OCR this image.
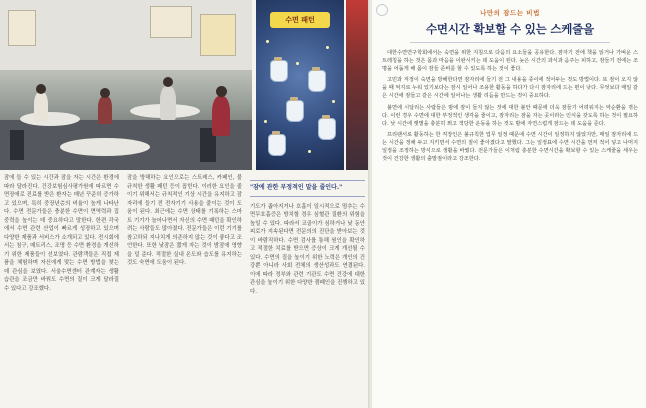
수면 패턴

잠에 들 수 있는 시간과 잠을 자는 시간은 환경에 따라 달라진다. 건강보험심사평가원에 따르면 수면장애로 진료를 받은 환자는 매년 꾸준히 증가하고 있으며, 특히 중장년층의 비율이 높게 나타난다. 수면 전문가들은 충분한 수면이 면역력과 집중력을 높이는 데 중요하다고 말한다. 한편 각국에서 수면 관련 산업이 빠르게 성장하고 있으며 다양한 제품과 서비스가 소개되고 있다. 전시회에서는 침구, 매트리스, 조명 등 수면 환경을 개선하기 위한 제품들이 선보였다. 관람객들은 직접 제품을 체험하며 자신에게 맞는 수면 방법을 찾는 데 관심을 보였다. 서울수면센터 관계자는 생활 습관을 조금만 바꿔도 수면의 질이 크게 달라질 수 있다고 강조했다.

잠을 방해하는 요인으로는 스트레스, 카페인, 불규칙한 생활 패턴 등이 꼽힌다. 이러한 요인을 줄이기 위해서는 규칙적인 기상 시간을 유지하고 잠자리에 들기 전 전자기기 사용을 줄이는 것이 도움이 된다. 최근에는 수면 상태를 기록하는 스마트 기기가 늘어나면서 자신의 수면 패턴을 확인하려는 사람들도 많아졌다. 전문가들은 이런 기기를 참고하되 지나치게 의존하지 않는 것이 좋다고 조언한다. 또한 낮잠은 짧게 자는 것이 밤잠에 영향을 덜 준다. 적절한 실내 온도와 습도를 유지하는 것도 숙면에 도움이 된다.

"잠에 관한 부정적인 말을 줄인다."

기도가 좁아지거나 호흡이 일시적으로 멈추는 수면무호흡증은 방치할 경우 심혈관 질환의 위험을 높일 수 있다. 따라서 코골이가 심하거나 낮 동안 피로가 지속된다면 전문의의 진단을 받아보는 것이 바람직하다. 수면 검사를 통해 원인을 확인하고 적절한 치료를 받으면 증상이 크게 개선될 수 있다. 수면의 질을 높이기 위한 노력은 개인의 건강뿐 아니라 사회 전체의 생산성과도 연결된다. 이에 따라 정부와 관련 기관도 수면 건강에 대한 관심을 높이기 위한 다양한 캠페인을 진행하고 있다.

나만의 잠드는 비법
수면시간 확보할 수 있는 스케줄을

대한수면연구학회에서는 숙면을 위한 지침으로 다음의 요소들을 공유한다. 잠자기 전에 책을 읽거나 가벼운 스트레칭을 하는 것은 몸과 마음을 이완시키는 데 도움이 된다. 늦은 시간의 과식과 음주는 피하고, 잠들기 전에는 조명을 어둡게 해 몸이 잠들 준비를 할 수 있도록 하는 것이 좋다.

고민과 걱정이 숙면을 방해한다면 잠자리에 들기 전 그 내용을 종이에 적어두는 것도 방법이다. 또 잠이 오지 않을 때 억지로 누워 있기보다는 잠시 일어나 조용한 활동을 하다가 다시 잠자리에 드는 편이 낫다. 무엇보다 매일 같은 시간에 잠들고 같은 시간에 일어나는 생활 리듬을 만드는 것이 중요하다.

불면에 시달리는 사람들은 밤에 잠이 들지 않는 것에 대한 불안 때문에 더욱 잠들기 어려워지는 악순환을 겪는다. 이런 경우 수면에 대한 부정적인 생각을 줄이고, 잠자리는 잠을 자는 곳이라는 인식을 갖도록 하는 것이 필요하다. 낮 시간에 햇볕을 충분히 쬐고 적당한 운동을 하는 것도 밤에 자연스럽게 잠드는 데 도움을 준다.

프리랜서로 활동하는 한 직장인은 불규칙한 업무 일정 때문에 수면 시간이 일정하지 않았지만, 매일 잠자리에 드는 시간을 정해 두고 지키면서 수면의 질이 좋아졌다고 말했다. 그는 일정표에 수면 시간을 먼저 적어 넣고 나머지 일정을 조정하는 방식으로 생활을 바꿨다. 전문가들은 이처럼 충분한 수면시간을 확보할 수 있는 스케줄을 세우는 것이 건강한 생활의 출발점이라고 강조한다.
